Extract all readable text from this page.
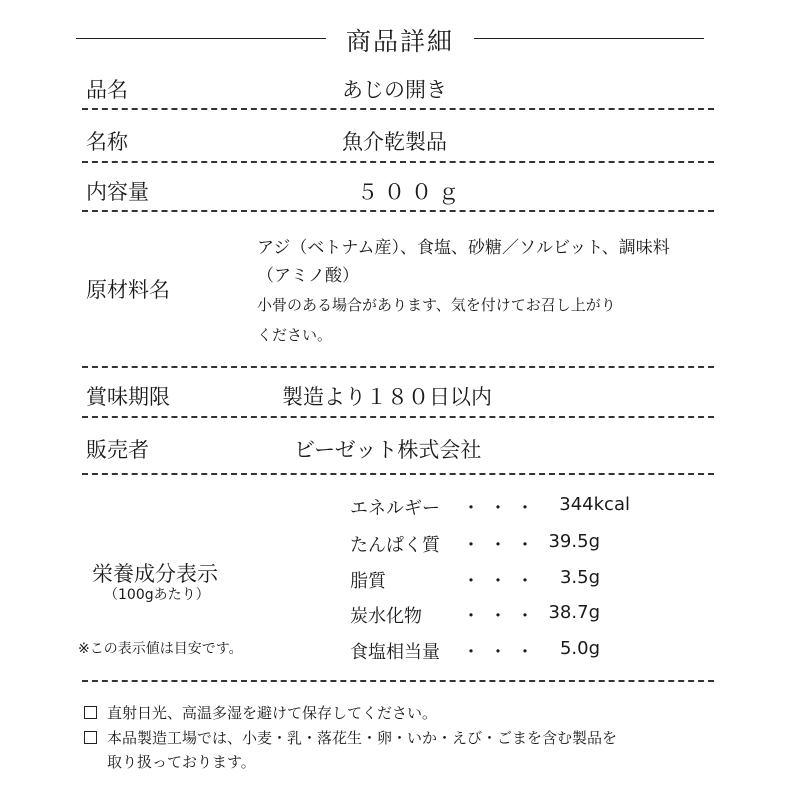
商品詳細
品名	あじの開き
名称	魚介乾製品
内容量	５００ｇ
原材料名
アジ（ベトナム産）、食塩、砂糖／ソルビット、調味料
（アミノ酸）
小骨のある場合があります、気を付けてお召し上がり
ください。
賞味期限	製造より１８０日以内
販売者	ビーゼット株式会社
栄養成分表示
（100gあたり）
※この表示値は目安です。
エネルギー ・・・ 344kcal
たんぱく質 ・・・ 39.5g
脂質	・・・ 3.5g
炭水化物 ・・・ 38.7g
食塩相当量 ・・・ 5.0g
直射日光、高温多湿を避けて保存してください。
本品製造工場では、小麦・乳・落花生・卵・いか・えび・ごまを含む製品を
取り扱っております。
